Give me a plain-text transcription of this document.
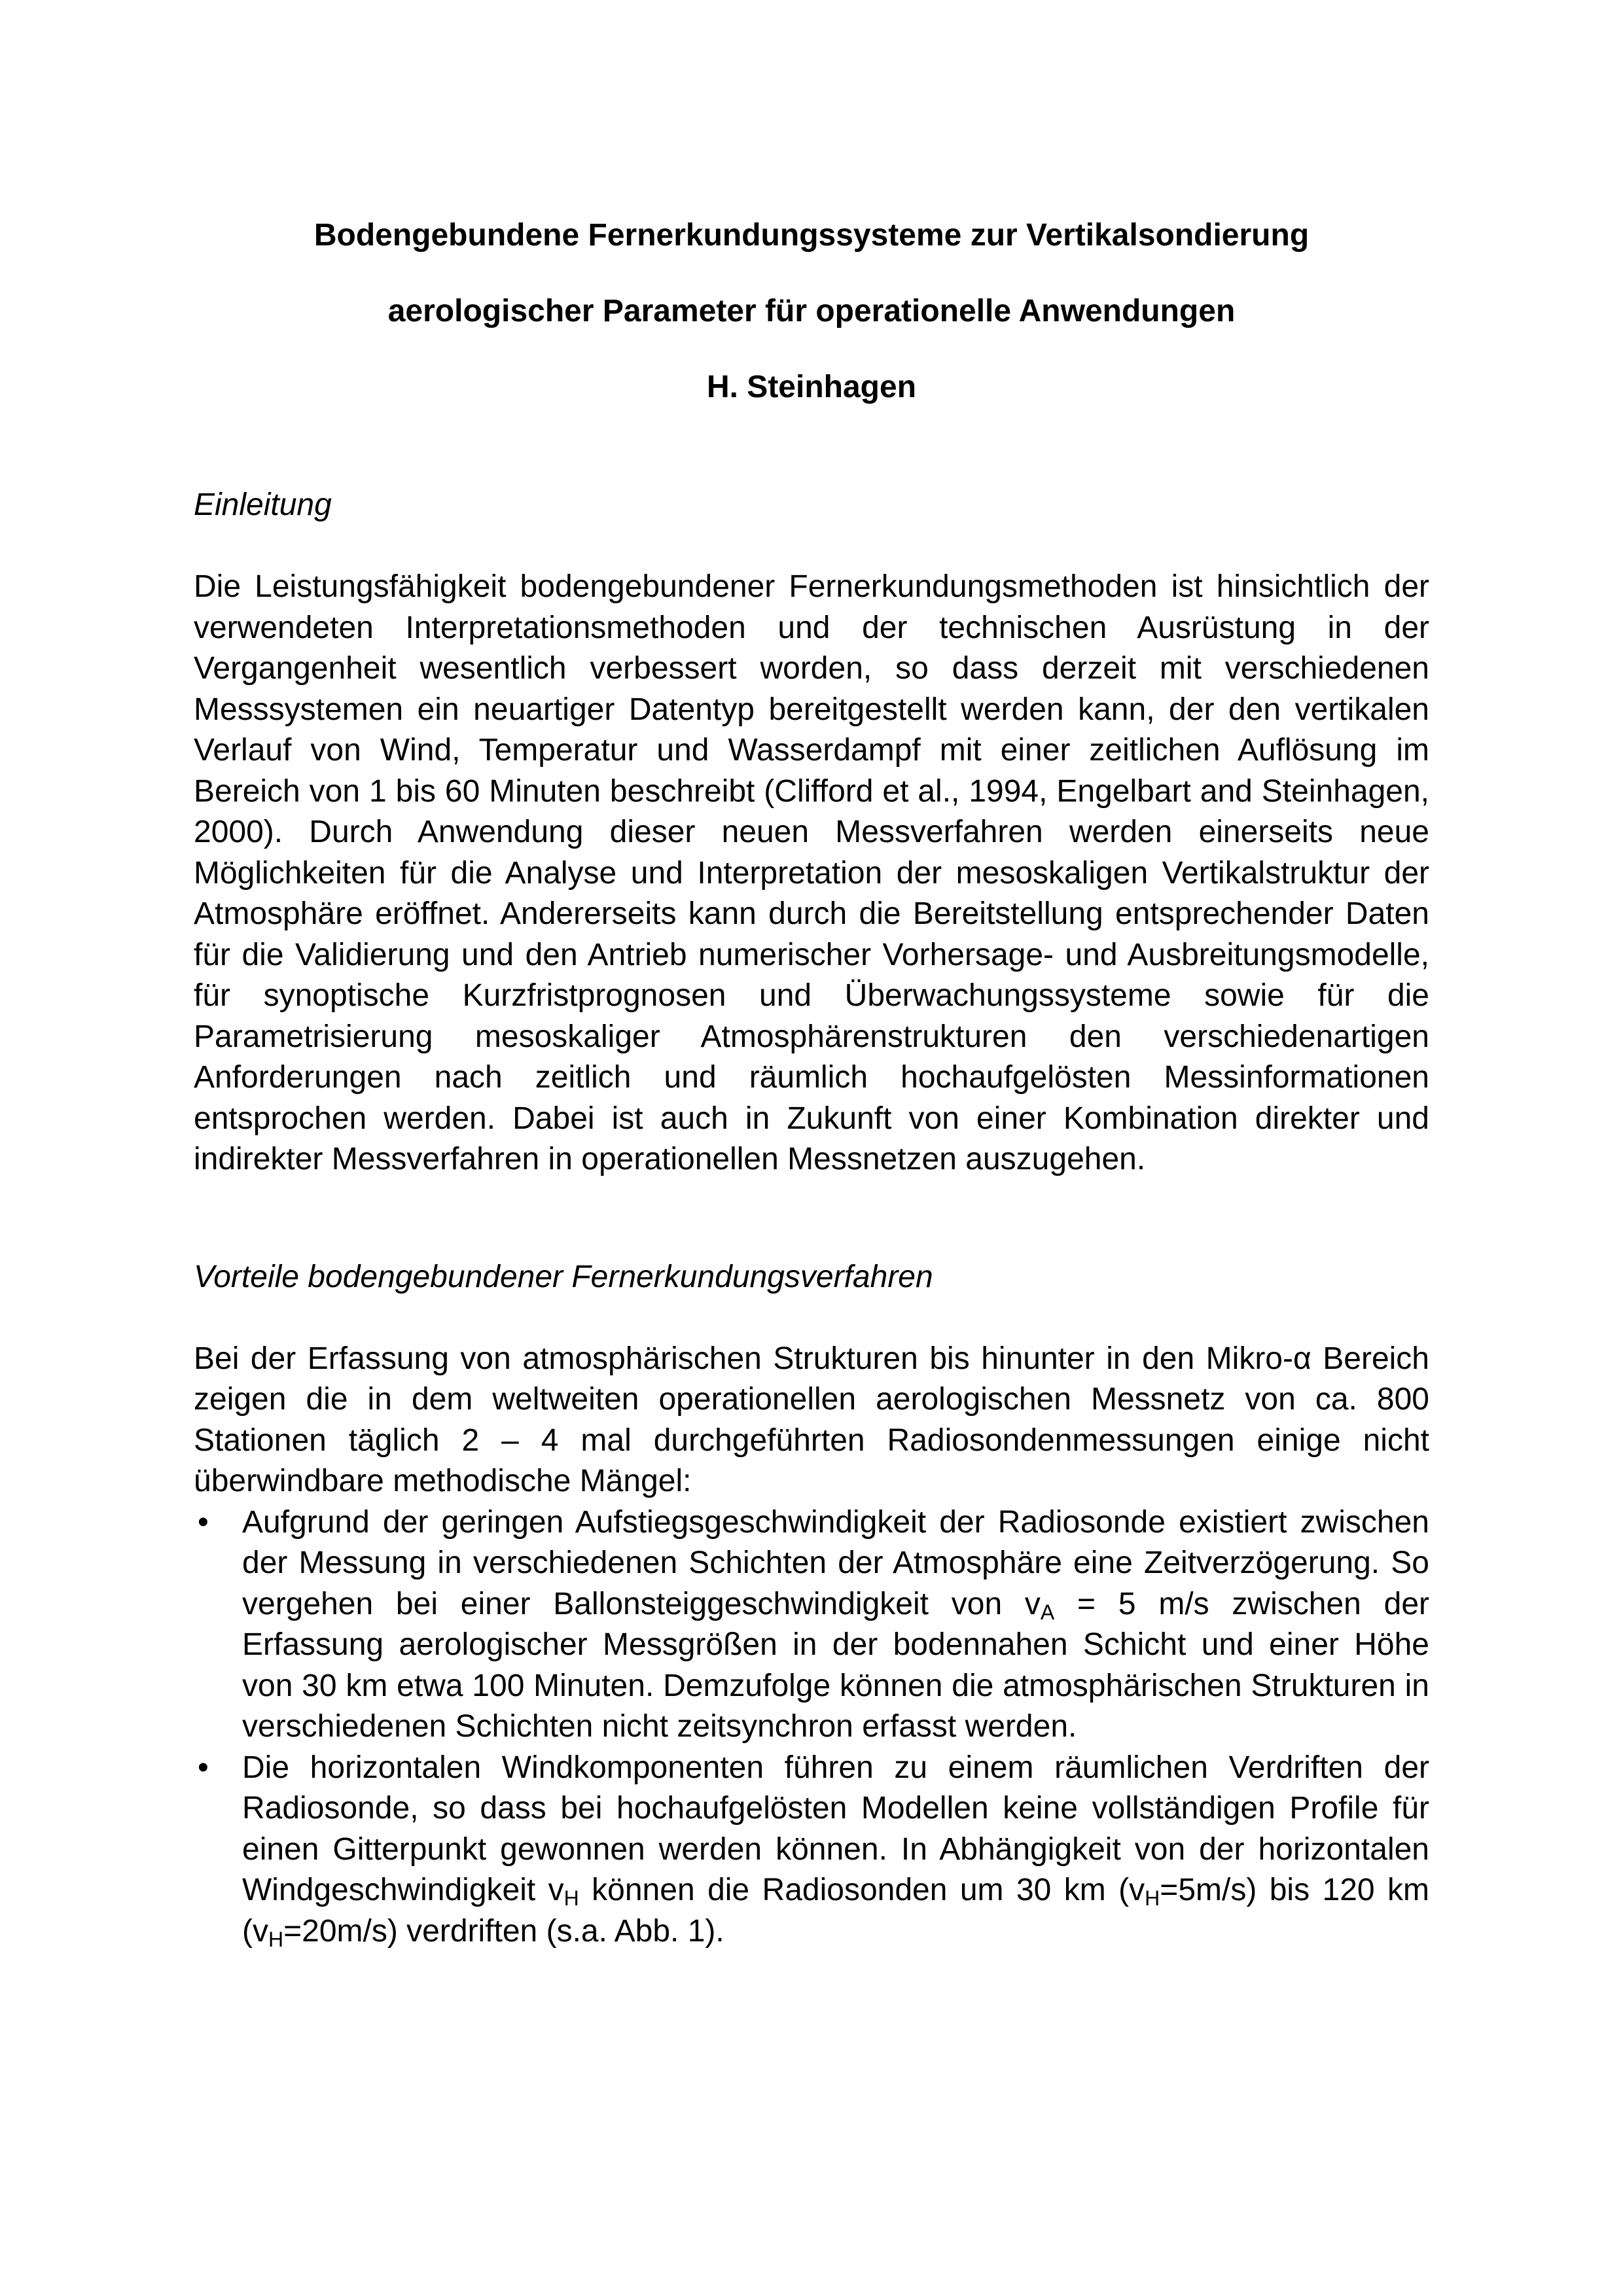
Bodengebundene Fernerkundungssysteme zur Vertikalsondierung

aerologischer Parameter für operationelle Anwendungen

H. Steinhagen

Einleitung

Die Leistungsfähigkeit bodengebundener Fernerkundungsmethoden ist hinsichtlich der verwendeten Interpretationsmethoden und der technischen Ausrüstung in der Vergangenheit wesentlich verbessert worden, so dass derzeit mit verschiedenen Messsystemen ein neuartiger Datentyp bereitgestellt werden kann, der den vertikalen Verlauf von Wind, Temperatur und Wasserdampf mit einer zeitlichen Auflösung im Bereich von 1 bis 60 Minuten beschreibt (Clifford et al., 1994, Engelbart and Steinhagen, 2000). Durch Anwendung dieser neuen Messverfahren werden einerseits neue Möglichkeiten für die Analyse und Interpretation der mesoskaligen Vertikalstruktur der Atmosphäre eröffnet. Andererseits kann durch die Bereitstellung entsprechender Daten für die Validierung und den Antrieb numerischer Vorhersage- und Ausbreitungsmodelle, für synoptische Kurzfristprognosen und Überwachungssysteme sowie für die Parametrisierung mesoskaliger Atmosphärenstrukturen den verschiedenartigen Anforderungen nach zeitlich und räumlich hochaufgelösten Messinformationen entsprochen werden. Dabei ist auch in Zukunft von einer Kombination direkter und indirekter Messverfahren in operationellen Messnetzen auszugehen.

Vorteile bodengebundener Fernerkundungsverfahren

Bei der Erfassung von atmosphärischen Strukturen bis hinunter in den Mikro-α Bereich zeigen die in dem weltweiten operationellen aerologischen Messnetz von ca. 800 Stationen täglich 2 – 4 mal durchgeführten Radiosondenmessungen einige nicht überwindbare methodische Mängel:

• Aufgrund der geringen Aufstiegsgeschwindigkeit der Radiosonde existiert zwischen der Messung in verschiedenen Schichten der Atmosphäre eine Zeitverzögerung. So vergehen bei einer Ballonsteiggeschwindigkeit von $v_A = 5$ m/s zwischen der Erfassung aerologischer Messgrößen in der bodennahen Schicht und einer Höhe von 30 km etwa 100 Minuten. Demzufolge können die atmosphärischen Strukturen in verschiedenen Schichten nicht zeitsynchron erfasst werden.
• Die horizontalen Windkomponenten führen zu einem räumlichen Verdriften der Radiosonde, so dass bei hochaufgelösten Modellen keine vollständigen Profile für einen Gitterpunkt gewonnen werden können. In Abhängigkeit von der horizontalen Windgeschwindigkeit $v_H$ können die Radiosonden um 30 km $(v_H=5m/s)$ bis 120 km $(v_H=20m/s)$ verdriften (s.a. Abb. 1).
